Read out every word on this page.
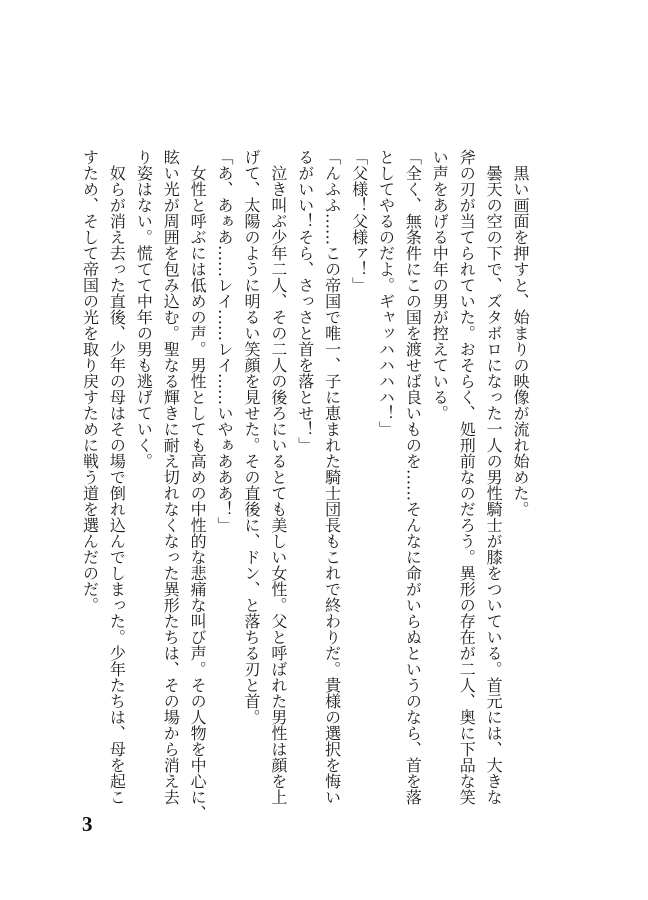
　黒い画面を押すと、始まりの映像が流れ始めた。
　曇天の空の下で、ズタボロになった一人の男性騎士が膝をついている。首元には、大きな
斧の刃が当てられていた。おそらく、処刑前なのだろう。異形の存在が二人、奥に下品な笑
い声をあげる中年の男が控えている。
「全く、無条件にこの国を渡せば良いものを……そんなに命がいらぬというのなら、首を落
としてやるのだよ。ギャッハハハハ！」
「父様！父様ァ！」
「んふふ……この帝国で唯一、子に恵まれた騎士団長もこれで終わりだ。貴様の選択を悔い
るがいい！そら、さっさと首を落とせ！」
　泣き叫ぶ少年二人、その二人の後ろにいるとても美しい女性。父と呼ばれた男性は顔を上
げて、太陽のように明るい笑顔を見せた。その直後に、ドン、と落ちる刃と首。
「あ、あぁあ……レイ……レイ……いやぁあああ！」
　女性と呼ぶには低めの声。男性としても高めの中性的な悲痛な叫び声。その人物を中心に、
眩い光が周囲を包み込む。聖なる輝きに耐え切れなくなった異形たちは、その場から消え去
り姿はない。慌てて中年の男も逃げていく。
　奴らが消え去った直後、少年の母はその場で倒れ込んでしまった。少年たちは、母を起こ
すため、そして帝国の光を取り戻すために戦う道を選んだのだ。
3
